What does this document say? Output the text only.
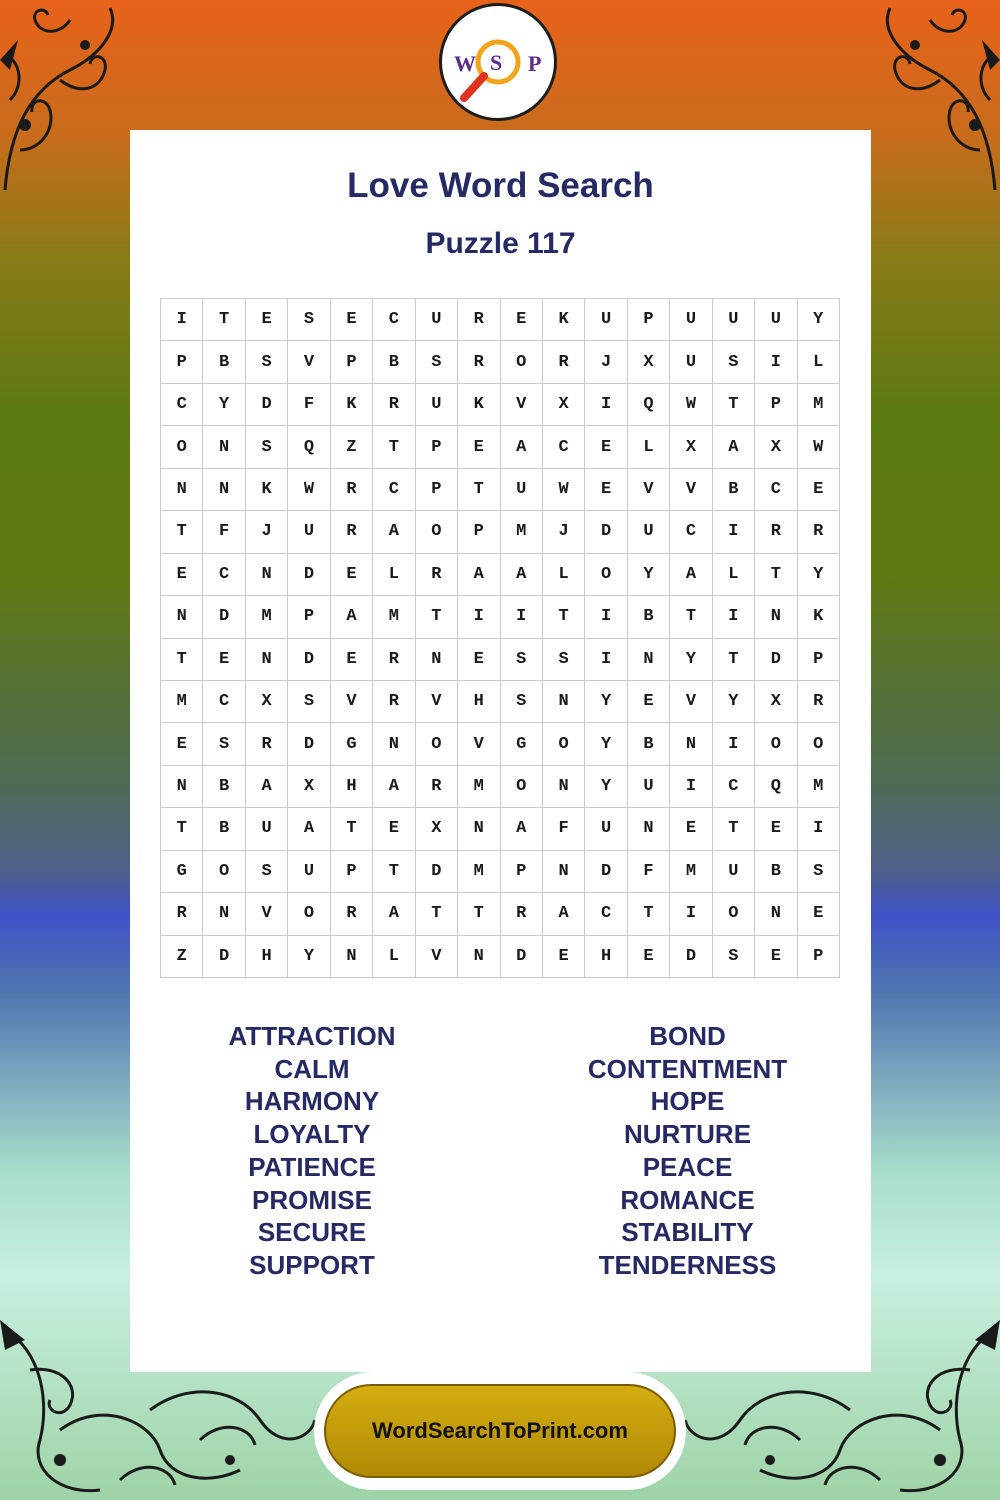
W S P
Love Word Search
Puzzle 117
I	T	E	S	E	C	U	R	E	K	U	P	U	U	U	Y
P	B	S	V	P	B	S	R	O	R	J	X	U	S	I	L
C	Y	D	F	K	R	U	K	V	X	I	Q	W	T	P	M
O	N	S	Q	Z	T	P	E	A	C	E	L	X	A	X	W
N	N	K	W	R	C	P	T	U	W	E	V	V	B	C	E
T	F	J	U	R	A	O	P	M	J	D	U	C	I	R	R
E	C	N	D	E	L	R	A	A	L	O	Y	A	L	T	Y
N	D	M	P	A	M	T	I	I	T	I	B	T	I	N	K
T	E	N	D	E	R	N	E	S	S	I	N	Y	T	D	P
M	C	X	S	V	R	V	H	S	N	Y	E	V	Y	X	R
E	S	R	D	G	N	O	V	G	O	Y	B	N	I	O	O
N	B	A	X	H	A	R	M	O	N	Y	U	I	C	Q	M
T	B	U	A	T	E	X	N	A	F	U	N	E	T	E	I
G	O	S	U	P	T	D	M	P	N	D	F	M	U	B	S
R	N	V	O	R	A	T	T	R	A	C	T	I	O	N	E
Z	D	H	Y	N	L	V	N	D	E	H	E	D	S	E	P
ATTRACTION
CALM
HARMONY
LOYALTY
PATIENCE
PROMISE
SECURE
SUPPORT
BOND
CONTENTMENT
HOPE
NURTURE
PEACE
ROMANCE
STABILITY
TENDERNESS
WordSearchToPrint.com
